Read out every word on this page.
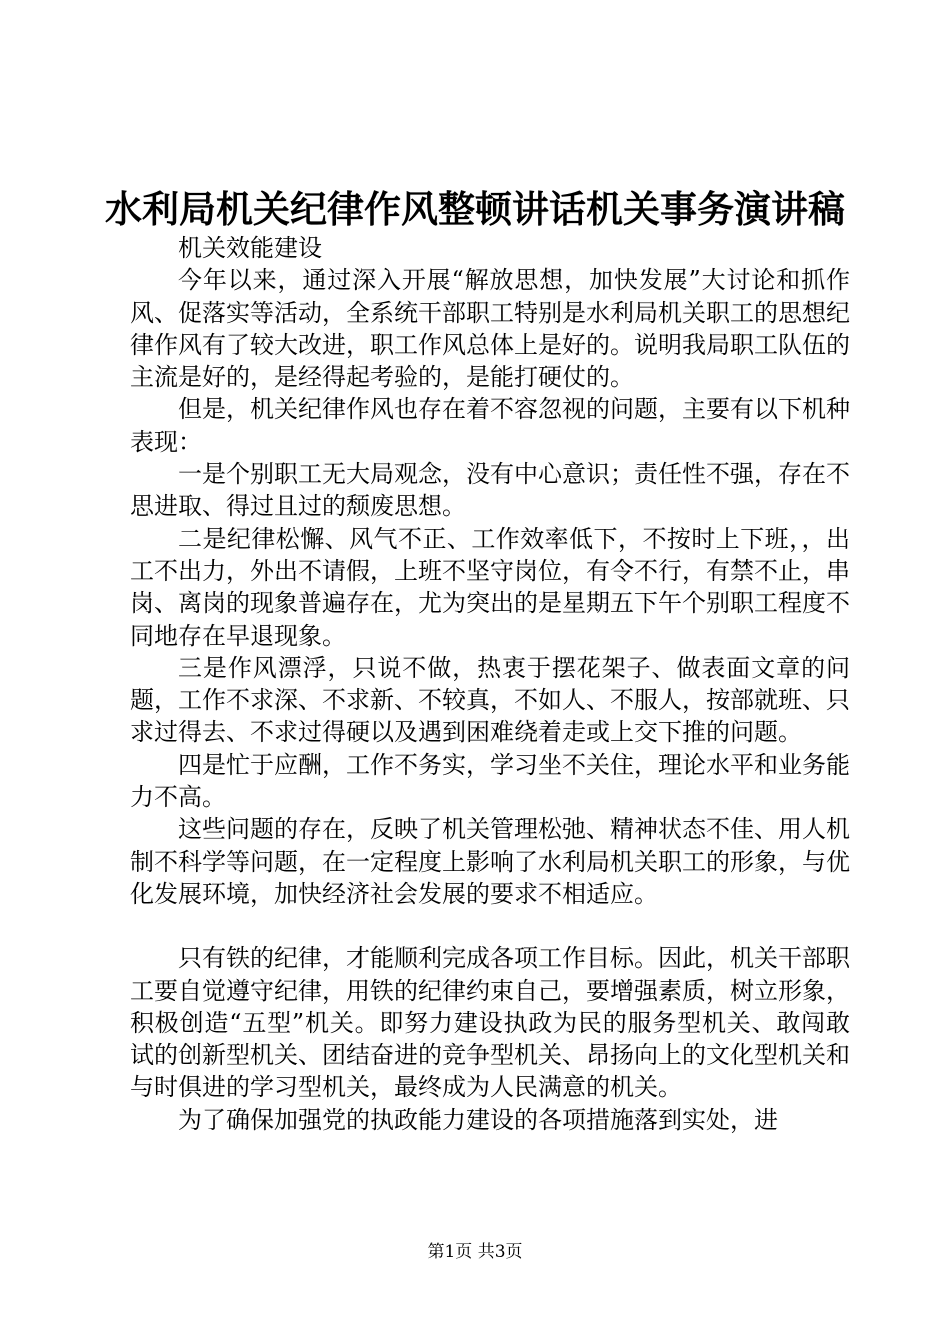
水利局机关纪律作风整顿讲话机关事务演讲稿

机关效能建设

今年以来，通过深入开展“解放思想，加快发展”大讨论和抓作风、促落实等活动，全系统干部职工特别是水利局机关职工的思想纪律作风有了较大改进，职工作风总体上是好的。说明我局职工队伍的主流是好的，是经得起考验的，是能打硬仗的。

但是，机关纪律作风也存在着不容忽视的问题，主要有以下机种表现：

一是个别职工无大局观念，没有中心意识；责任性不强，存在不思进取、得过且过的颓废思想。

二是纪律松懈、风气不正、工作效率低下，不按时上下班，，出工不出力，外出不请假，上班不坚守岗位，有令不行，有禁不止，串岗、离岗的现象普遍存在，尤为突出的是星期五下午个别职工程度不同地存在早退现象。

三是作风漂浮，只说不做，热衷于摆花架子、做表面文章的问题，工作不求深、不求新、不较真，不如人、不服人，按部就班、只求过得去、不求过得硬以及遇到困难绕着走或上交下推的问题。

四是忙于应酬，工作不务实，学习坐不关住，理论水平和业务能力不高。

这些问题的存在，反映了机关管理松弛、精神状态不佳、用人机制不科学等问题，在一定程度上影响了水利局机关职工的形象，与优化发展环境，加快经济社会发展的要求不相适应。

只有铁的纪律，才能顺利完成各项工作目标。因此，机关干部职工要自觉遵守纪律，用铁的纪律约束自己，要增强素质，树立形象，积极创造“五型”机关。即努力建设执政为民的服务型机关、敢闯敢试的创新型机关、团结奋进的竞争型机关、昂扬向上的文化型机关和与时俱进的学习型机关，最终成为人民满意的机关。

为了确保加强党的执政能力建设的各项措施落到实处，进

第1页 共3页
